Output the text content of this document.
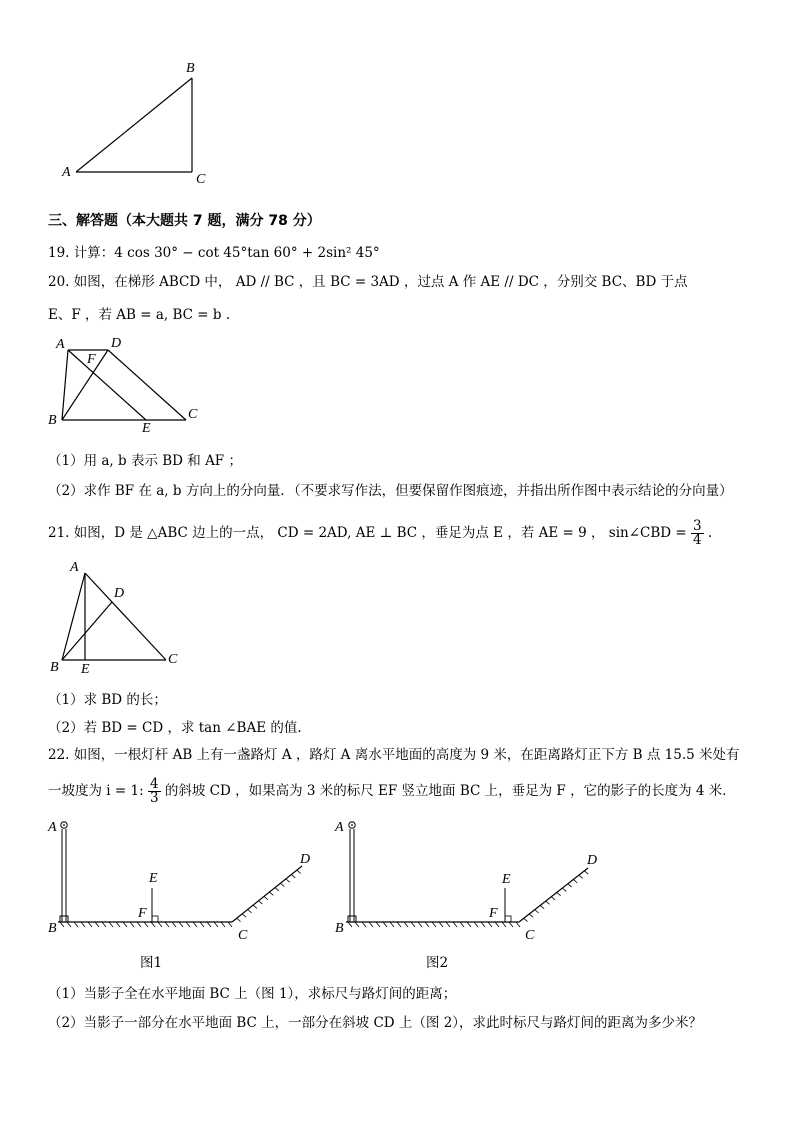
B
A	C
三、解答题（本大题共 7 题，满分 78 分）
19. 计算：4 cos 30° − cot 45°tan 60° + 2sin² 45°
20. 如图，在梯形 ABCD 中， AD // BC ，且 BC = 3AD ，过点 A 作 AE // DC ，分别交 BC、BD 于点
E、F ，若 AB = a, BC = b .
A	D
F
B
E
C
（1）用 a, b 表示 BD 和 AF ；
（2）求作 BF 在 a, b 方向上的分向量．（不要求写作法，但要保留作图痕迹，并指出所作图中表示结论的分向量）
21. 如图，D 是 △ABC 边上的一点， CD = 2AD, AE ⊥ BC ，垂足为点 E ，若 AE = 9 ， sin∠CBD = $\frac{3}{4}$ .
A
D
B E
C
（1）求 BD 的长；
（2）若 BD = CD ，求 tan ∠BAE 的值.
22. 如图，一根灯杆 AB 上有一盏路灯 A ，路灯 A 离水平地面的高度为 9 米，在距离路灯正下方 B 点 15.5 米处有
一坡度为 i = 1: $\frac{4}{3}$ 的斜坡 CD ，如果高为 3 米的标尺 EF 竖立地面 BC 上，垂足为 F ，它的影子的长度为 4 米．
A
B	C
D
E
F
图1
A
B	C
D
E
F
图2
（1）当影子全在水平地面 BC 上（图 1），求标尺与路灯间的距离；
（2）当影子一部分在水平地面 BC 上，一部分在斜坡 CD 上（图 2），求此时标尺与路灯间的距离为多少米？
